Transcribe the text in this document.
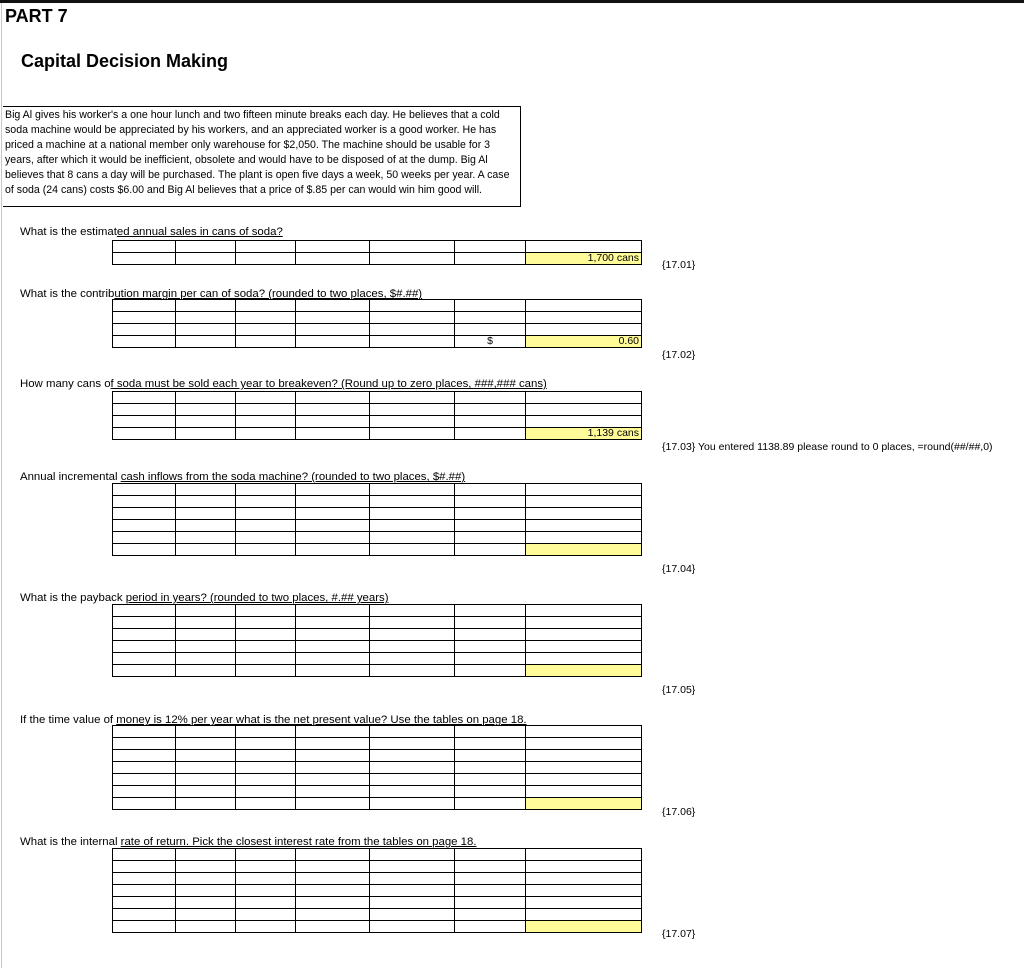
PART 7
Capital Decision Making
Big Al gives his worker's a one hour lunch and two fifteen minute breaks each day. He believes that a cold soda machine would be appreciated by his workers, and an appreciated worker is a good worker. He has priced a machine at a national member only warehouse for $2,050. The machine should be usable for 3 years, after which it would be inefficient, obsolete and would have to be disposed of at the dump. Big Al believes that 8 cans a day will be purchased. The plant is open five days a week, 50 weeks per year. A case of soda (24 cans) costs $6.00 and Big Al believes that a price of $.85 per can would win him good will.
What is the estimated annual sales in cans of soda?

						1,700 cans
{17.01}
What is the contribution margin per can of soda? (rounded to two places, $#.##)

					$	0.60
{17.02}
How many cans of soda must be sold each year to breakeven? (Round up to zero places, ###,### cans)

						1,139 cans
{17.03} You entered 1138.89 please round to 0 places, =round(##/##,0)
Annual incremental cash inflows from the soda machine? (rounded to two places, $#.##)

{17.04}
What is the payback period in years? (rounded to two places, #.## years)

{17.05}
If the time value of money is 12% per year what is the net present value? Use the tables on page 18.

{17.06}
What is the internal rate of return. Pick the closest interest rate from the tables on page 18.

{17.07}
